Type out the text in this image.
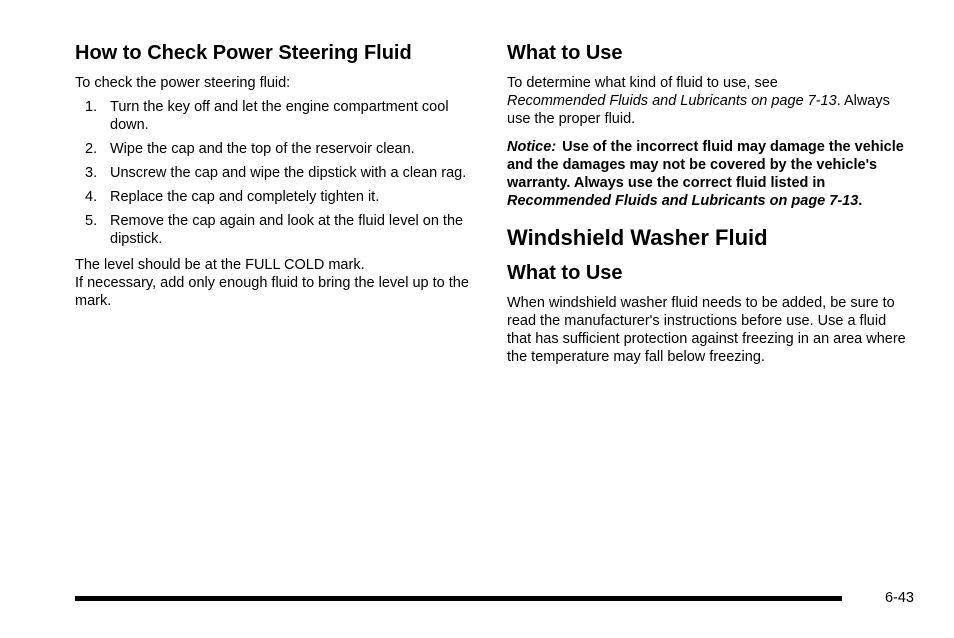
How to Check Power Steering Fluid

To check the power steering fluid:

1. Turn the key off and let the engine compartment cool down.
2. Wipe the cap and the top of the reservoir clean.
3. Unscrew the cap and wipe the dipstick with a clean rag.
4. Replace the cap and completely tighten it.
5. Remove the cap again and look at the fluid level on the dipstick.

The level should be at the FULL COLD mark.

If necessary, add only enough fluid to bring the level up to the mark.

What to Use

To determine what kind of fluid to use, see
Recommended Fluids and Lubricants on page 7-13. Always use the proper fluid.

Notice: Use of the incorrect fluid may damage the vehicle and the damages may not be covered by the vehicle's warranty. Always use the correct fluid listed in Recommended Fluids and Lubricants on page 7-13.

Windshield Washer Fluid
What to Use

When windshield washer fluid needs to be added, be sure to read the manufacturer's instructions before use. Use a fluid that has sufficient protection against freezing in an area where the temperature may fall below freezing.

6-43
